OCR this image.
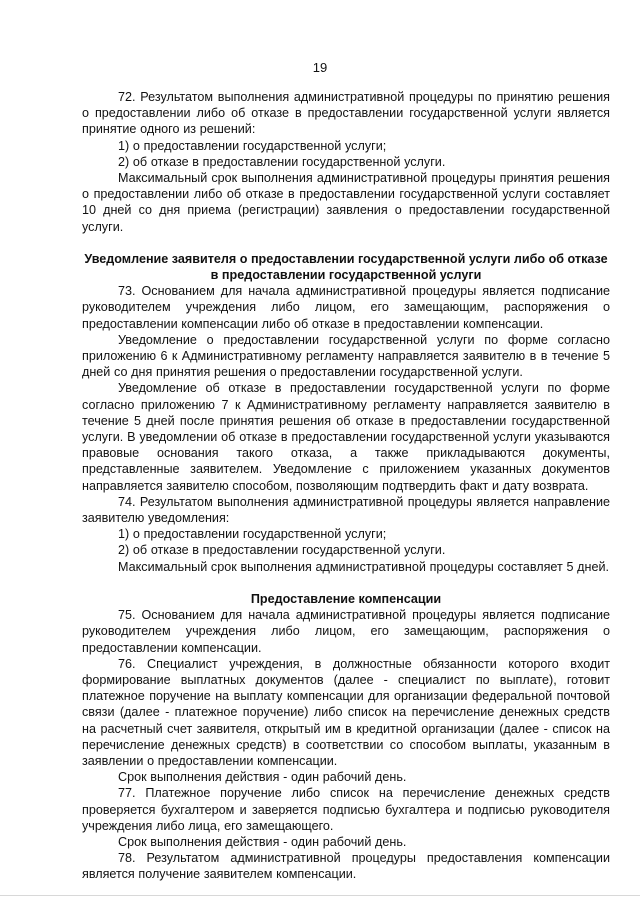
19

72. Результатом выполнения административной процедуры по принятию решения о предоставлении либо об отказе в предоставлении государственной услуги является принятие одного из решений:

1) о предоставлении государственной услуги;

2) об отказе в предоставлении государственной услуги.

Максимальный срок выполнения административной процедуры принятия решения о предоставлении либо об отказе в предоставлении государственной услуги составляет 10 дней со дня приема (регистрации) заявления о предоставлении государственной услуги.

Уведомление заявителя о предоставлении государственной услуги либо об отказе в предоставлении государственной услуги

73. Основанием для начала административной процедуры является подписание руководителем учреждения либо лицом, его замещающим, распоряжения о предоставлении компенсации либо об отказе в предоставлении компенсации.

Уведомление о предоставлении государственной услуги по форме согласно приложению 6 к Административному регламенту направляется заявителю в в течение 5 дней со дня принятия решения о предоставлении государственной услуги.

Уведомление об отказе в предоставлении государственной услуги по форме согласно приложению 7 к Административному регламенту направляется заявителю в течение 5 дней после принятия решения об отказе в предоставлении государственной услуги. В уведомлении об отказе в предоставлении государственной услуги указываются правовые основания такого отказа, а также прикладываются документы, представленные заявителем. Уведомление с приложением указанных документов направляется заявителю способом, позволяющим подтвердить факт и дату возврата.

74. Результатом выполнения административной процедуры является направление заявителю уведомления:

1) о предоставлении государственной услуги;

2) об отказе в предоставлении государственной услуги.

Максимальный срок выполнения административной процедуры составляет 5 дней.

Предоставление компенсации

75. Основанием для начала административной процедуры является подписание руководителем учреждения либо лицом, его замещающим, распоряжения о предоставлении компенсации.

76. Специалист учреждения, в должностные обязанности которого входит формирование выплатных документов (далее - специалист по выплате), готовит платежное поручение на выплату компенсации для организации федеральной почтовой связи (далее - платежное поручение) либо список на перечисление денежных средств на расчетный счет заявителя, открытый им в кредитной организации (далее - список на перечисление денежных средств) в соответствии со способом выплаты, указанным в заявлении о предоставлении компенсации.

Срок выполнения действия - один рабочий день.

77. Платежное поручение либо список на перечисление денежных средств проверяется бухгалтером и заверяется подписью бухгалтера и подписью руководителя учреждения либо лица, его замещающего.

Срок выполнения действия - один рабочий день.

78. Результатом административной процедуры предоставления компенсации является получение заявителем компенсации.
